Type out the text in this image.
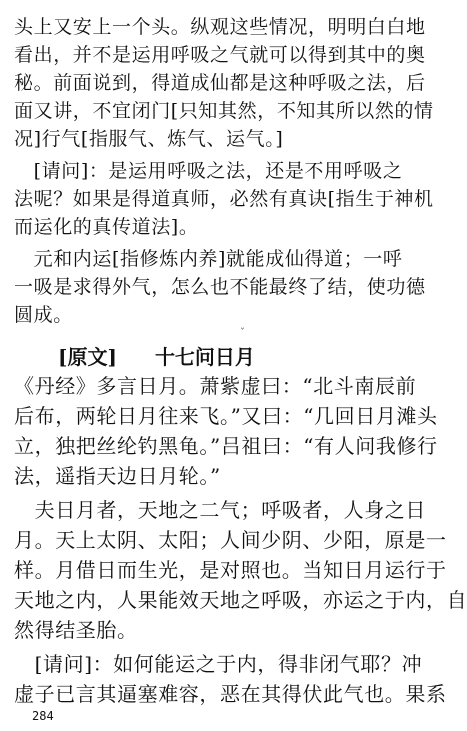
头上又安上一个头。纵观这些情况，明明白白地
看出，并不是运用呼吸之气就可以得到其中的奥
秘。前面说到，得道成仙都是这种呼吸之法，后
面又讲，不宜闭门[只知其然，不知其所以然的情
况]行气[指服气、炼气、运气。]
　[请问]：是运用呼吸之法，还是不用呼吸之
法呢？如果是得道真师，必然有真诀[指生于神机
而运化的真传道法]。
　元和内运[指修炼内养]就能成仙得道；一呼
一吸是求得外气，怎么也不能最终了结，使功德
圆成。
ˇ
[原文] 十七问日月
《丹经》多言日月。萧紫虚曰：“北斗南辰前
后布，两轮日月往来飞。”又曰：“几回日月滩头
立，独把丝纶钓黑龟。”吕祖曰：“有人问我修行
法，遥指天边日月轮。”
　夫日月者，天地之二气；呼吸者，人身之日
月。天上太阴、太阳；人间少阴、少阳，原是一
样。月借日而生光，是对照也。当知日月运行于
天地之内，人果能效天地之呼吸，亦运之于内，自
然得结圣胎。
　[请问]：如何能运之于内，得非闭气耶？冲
虚子已言其逼塞难容，恶在其得伏此气也。果系
284
